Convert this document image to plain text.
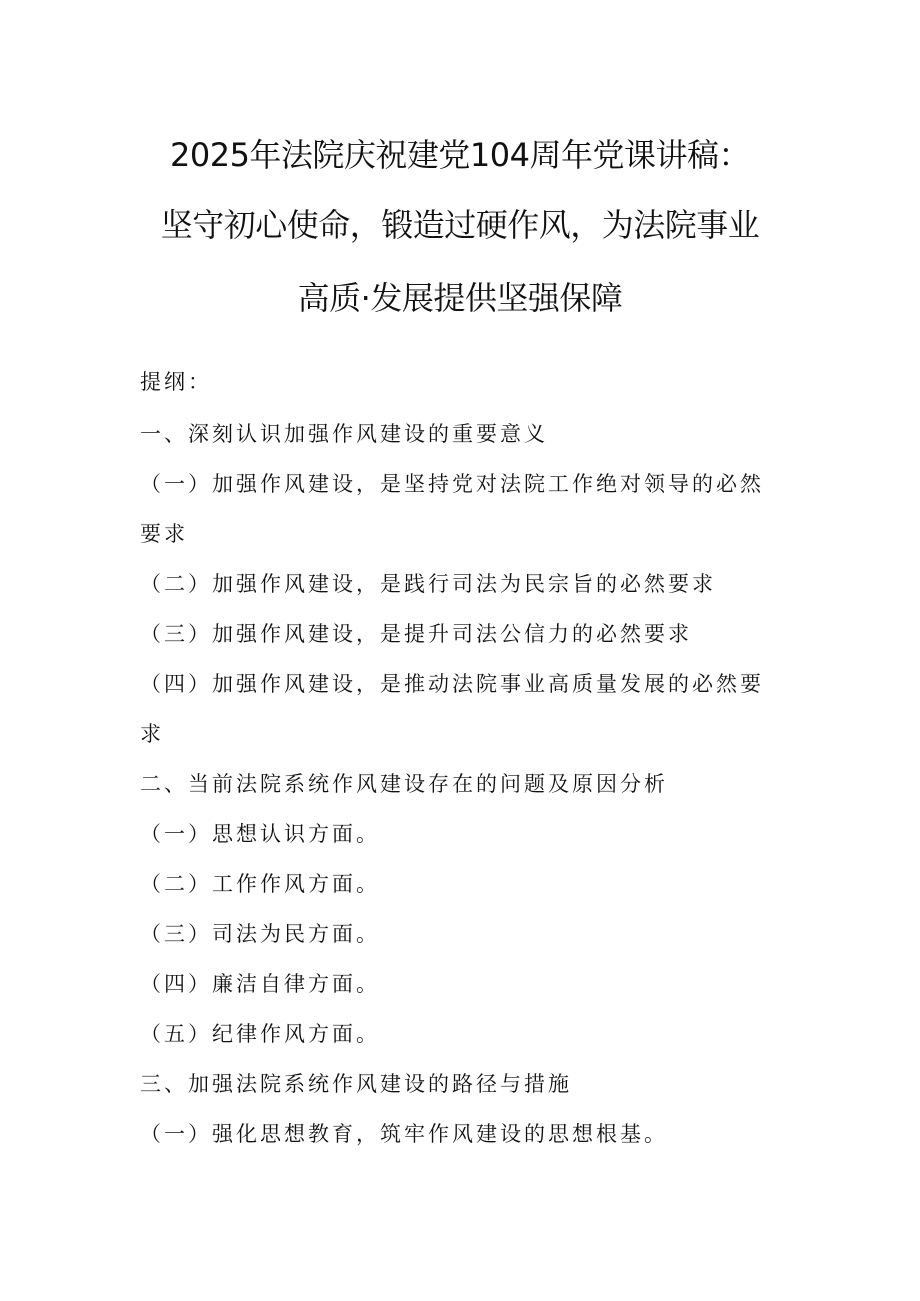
2025年法院庆祝建党104周年党课讲稿：
坚守初心使命，锻造过硬作风，为法院事业
高质·发展提供坚强保障
提纲：
一、深刻认识加强作风建设的重要意义
（一）加强作风建设，是坚持党对法院工作绝对领导的必然
要求
（二）加强作风建设，是践行司法为民宗旨的必然要求
（三）加强作风建设，是提升司法公信力的必然要求
（四）加强作风建设，是推动法院事业高质量发展的必然要
求
二、当前法院系统作风建设存在的问题及原因分析
（一）思想认识方面。
（二）工作作风方面。
（三）司法为民方面。
（四）廉洁自律方面。
（五）纪律作风方面。
三、加强法院系统作风建设的路径与措施
（一）强化思想教育，筑牢作风建设的思想根基。
